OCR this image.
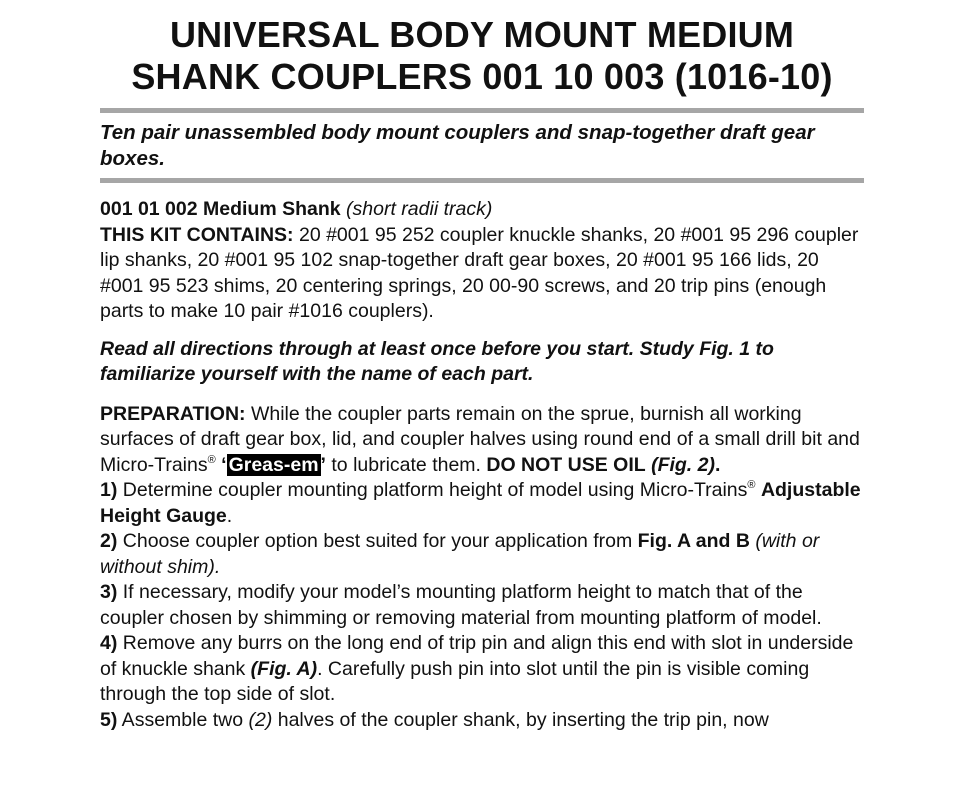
UNIVERSAL BODY MOUNT MEDIUM
SHANK COUPLERS 001 10 003 (1016-10)

Ten pair unassembled body mount couplers and snap-together draft gear boxes.

001 01 002 Medium Shank (short radii track)

THIS KIT CONTAINS: 20 #001 95 252 coupler knuckle shanks, 20 #001 95 296 coupler lip shanks, 20 #001 95 102 snap-together draft gear boxes, 20 #001 95 166 lids, 20 #001 95 523 shims, 20 centering springs, 20 00-90 screws, and 20 trip pins (enough parts to make 10 pair #1016 couplers).

Read all directions through at least once before you start. Study Fig. 1 to familiarize yourself with the name of each part.

PREPARATION: While the coupler parts remain on the sprue, burnish all working surfaces of draft gear box, lid, and coupler halves using round end of a small drill bit and Micro-Trains® ‘ Greas-em ’ to lubricate them. DO NOT USE OIL (Fig. 2).

1) Determine coupler mounting platform height of model using Micro-Trains® Adjustable Height Gauge.

2) Choose coupler option best suited for your application from Fig. A and B (with or without shim).

3) If necessary, modify your model’s mounting platform height to match that of the coupler chosen by shimming or removing material from mounting platform of model.

4) Remove any burrs on the long end of trip pin and align this end with slot in underside of knuckle shank (Fig. A). Carefully push pin into slot until the pin is visible coming through the top side of slot.

5) Assemble two (2) halves of the coupler shank, by inserting the trip pin, now
